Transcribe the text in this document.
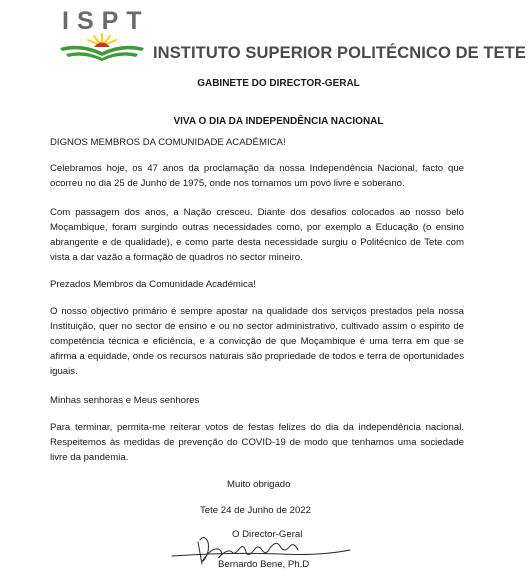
ISPT
INSTITUTO SUPERIOR POLITÉCNICO DE TETE
GABINETE DO DIRECTOR-GERAL
VIVA O DIA DA INDEPENDÊNCIA NACIONAL

DIGNOS MEMBROS DA COMUNIDADE ACADÉMICA!

Celebramos hoje, os 47 anos da proclamação da nossa Independência Nacional, facto que ocorreu no dia 25 de Junho de 1975, onde nos tornamos um povo livre e soberano.

Com passagem dos anos, a Nação cresceu. Diante dos desafios colocados ao nosso belo Moçambique, foram surgindo outras necessidades como, por exemplo a Educação (o ensino abrangente e de qualidade), e como parte desta necessidade surgiu o Politécnico de Tete com vista a dar vazão a formação de quadros no sector mineiro.

Prezados Membros da Comunidade Académica!

O nosso objectivo primário é sempre apostar na qualidade dos serviços prestados pela nossa Instituição, quer no sector de ensino e ou no sector administrativo, cultivado assim o espirito de competência técnica e eficiência, e a convicção de que Moçambique é uma terra em que se afirma a equidade, onde os recursos naturais são propriedade de todos e terra de oportunidades iguais.

Minhas senhoras e Meus senhores

Para terminar, permita-me reiterar votos de festas felizes do dia da independência nacional. Respeitemos às medidas de prevenção do COVID-19 de modo que tenhamos uma sociedade livre da pandemia.

Muito obrigado
Tete 24 de Junho de 2022
O Director-Geral
Bernardo Bene, Ph.D
